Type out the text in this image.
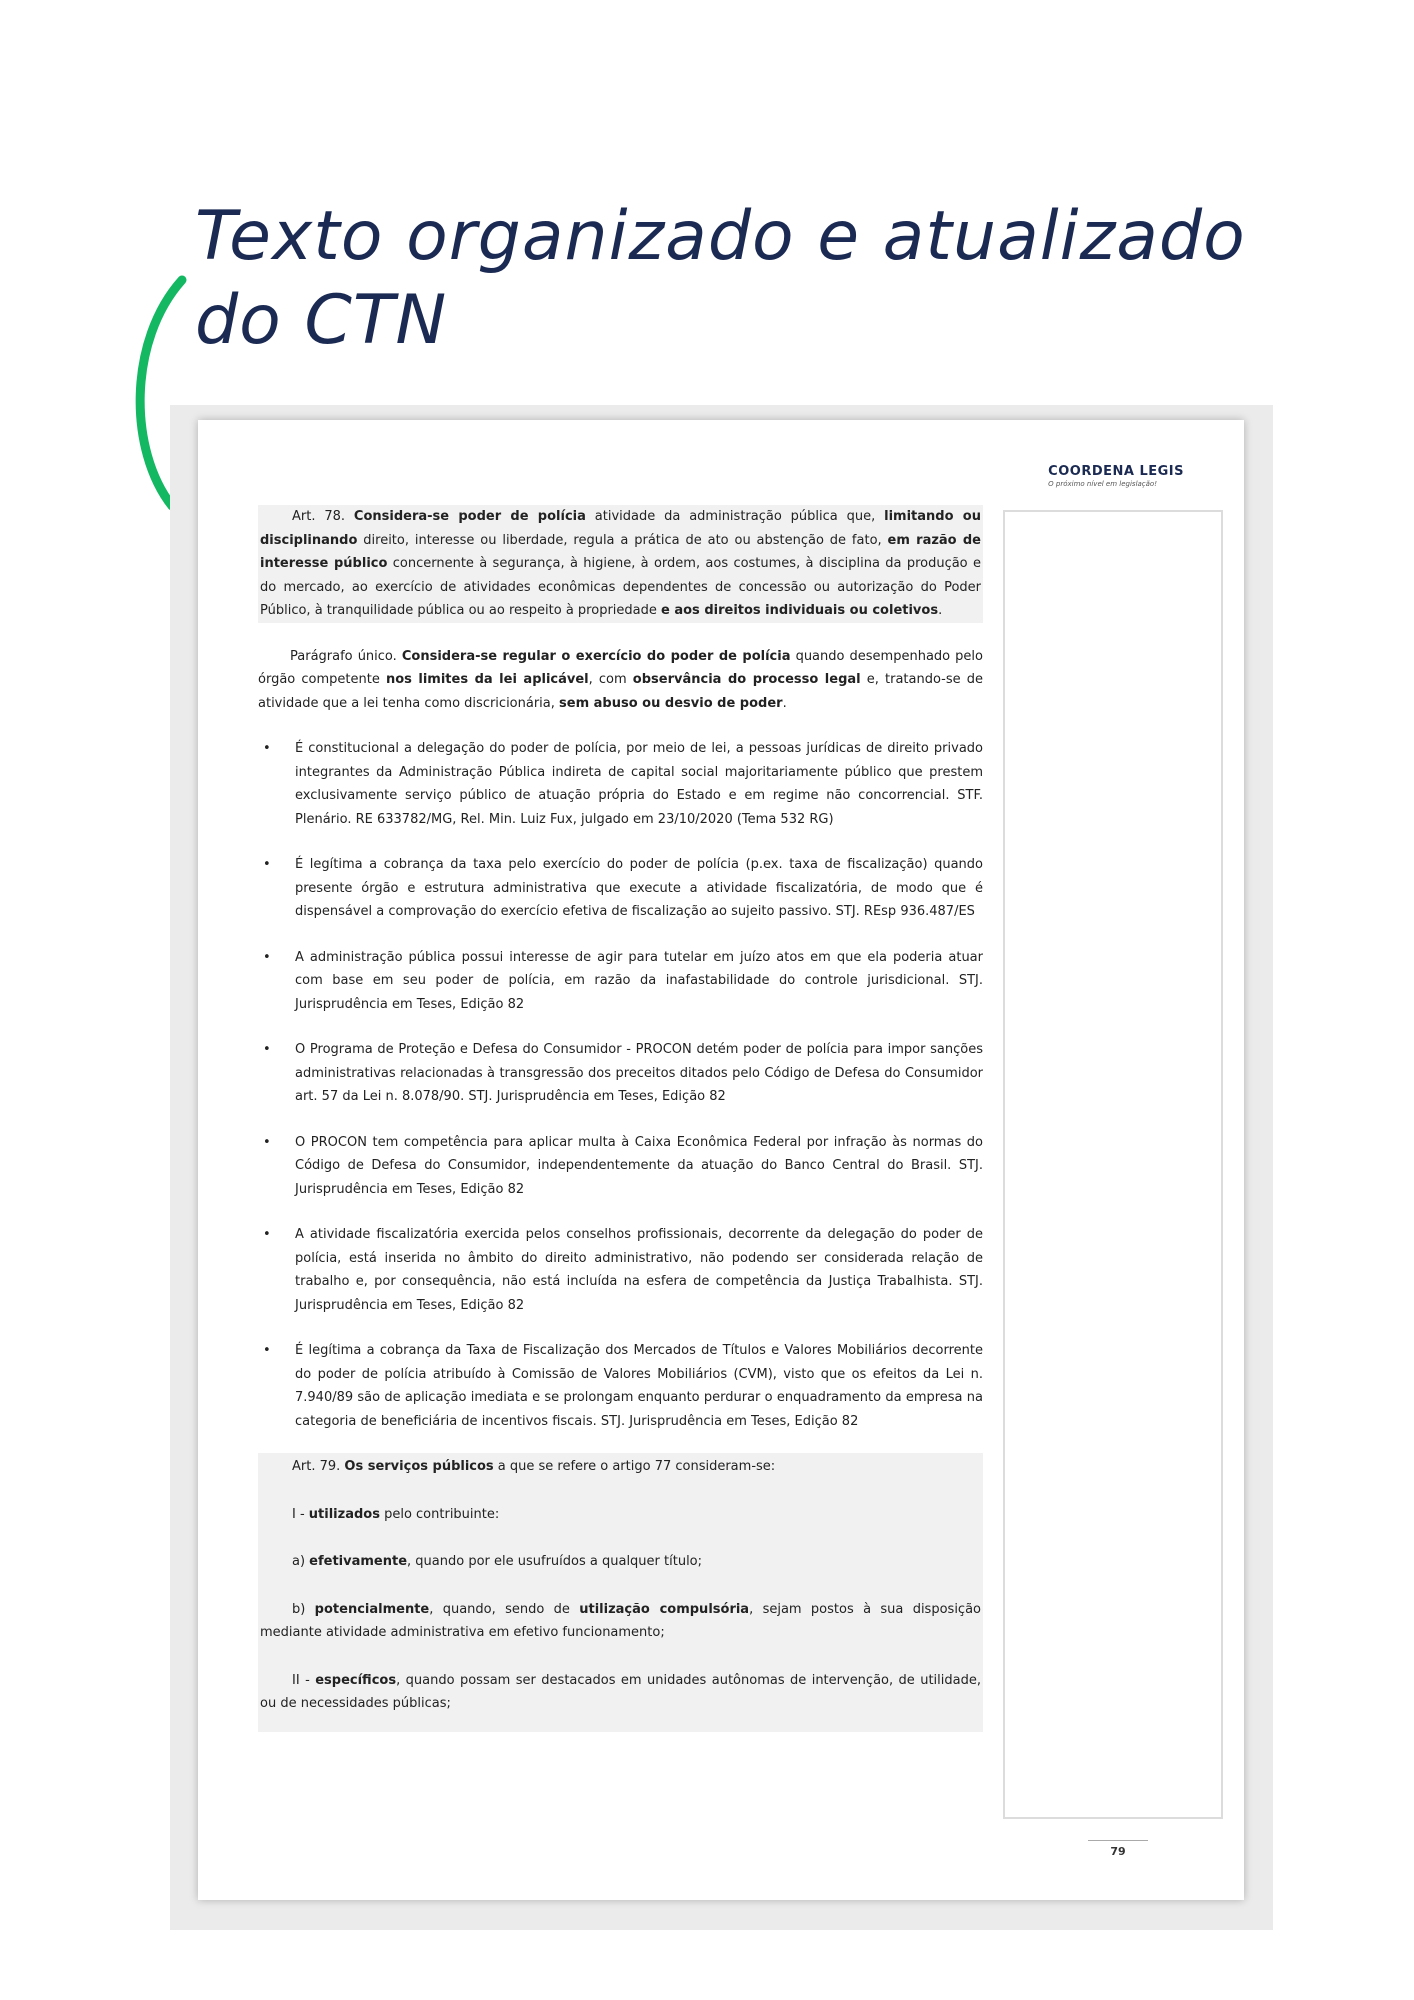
Texto organizado e atualizado
do CTN
COORDENA LEGIS
O próximo nível em legislação!

Art. 78. Considera-se poder de polícia atividade da administração pública que, limitando ou disciplinando direito, interesse ou liberdade, regula a prática de ato ou abstenção de fato, em razão de interesse público concernente à segurança, à higiene, à ordem, aos costumes, à disciplina da produção e do mercado, ao exercício de atividades econômicas dependentes de concessão ou autorização do Poder Público, à tranquilidade pública ou ao respeito à propriedade e aos direitos individuais ou coletivos.

Parágrafo único. Considera-se regular o exercício do poder de polícia quando desempenhado pelo órgão competente nos limites da lei aplicável, com observância do processo legal e, tratando-se de atividade que a lei tenha como discricionária, sem abuso ou desvio de poder.

• É constitucional a delegação do poder de polícia, por meio de lei, a pessoas jurídicas de direito privado integrantes da Administração Pública indireta de capital social majoritariamente público que prestem exclusivamente serviço público de atuação própria do Estado e em regime não concorrencial. STF. Plenário. RE 633782/MG, Rel. Min. Luiz Fux, julgado em 23/10/2020 (Tema 532 RG)
• É legítima a cobrança da taxa pelo exercício do poder de polícia (p.ex. taxa de fiscalização) quando presente órgão e estrutura administrativa que execute a atividade fiscalizatória, de modo que é dispensável a comprovação do exercício efetiva de fiscalização ao sujeito passivo. STJ. REsp 936.487/ES
• A administração pública possui interesse de agir para tutelar em juízo atos em que ela poderia atuar com base em seu poder de polícia, em razão da inafastabilidade do controle jurisdicional. STJ. Jurisprudência em Teses, Edição 82
• O Programa de Proteção e Defesa do Consumidor - PROCON detém poder de polícia para impor sanções administrativas relacionadas à transgressão dos preceitos ditados pelo Código de Defesa do Consumidor art. 57 da Lei n. 8.078/90. STJ. Jurisprudência em Teses, Edição 82
• O PROCON tem competência para aplicar multa à Caixa Econômica Federal por infração às normas do Código de Defesa do Consumidor, independentemente da atuação do Banco Central do Brasil. STJ. Jurisprudência em Teses, Edição 82
• A atividade fiscalizatória exercida pelos conselhos profissionais, decorrente da delegação do poder de polícia, está inserida no âmbito do direito administrativo, não podendo ser considerada relação de trabalho e, por consequência, não está incluída na esfera de competência da Justiça Trabalhista. STJ. Jurisprudência em Teses, Edição 82
• É legítima a cobrança da Taxa de Fiscalização dos Mercados de Títulos e Valores Mobiliários decorrente do poder de polícia atribuído à Comissão de Valores Mobiliários (CVM), visto que os efeitos da Lei n. 7.940/89 são de aplicação imediata e se prolongam enquanto perdurar o enquadramento da empresa na categoria de beneficiária de incentivos fiscais. STJ. Jurisprudência em Teses, Edição 82

Art. 79. Os serviços públicos a que se refere o artigo 77 consideram-se:

I - utilizados pelo contribuinte:

a) efetivamente, quando por ele usufruídos a qualquer título;

b) potencialmente, quando, sendo de utilização compulsória, sejam postos à sua disposição mediante atividade administrativa em efetivo funcionamento;

II - específicos, quando possam ser destacados em unidades autônomas de intervenção, de utilidade, ou de necessidades públicas;

79
